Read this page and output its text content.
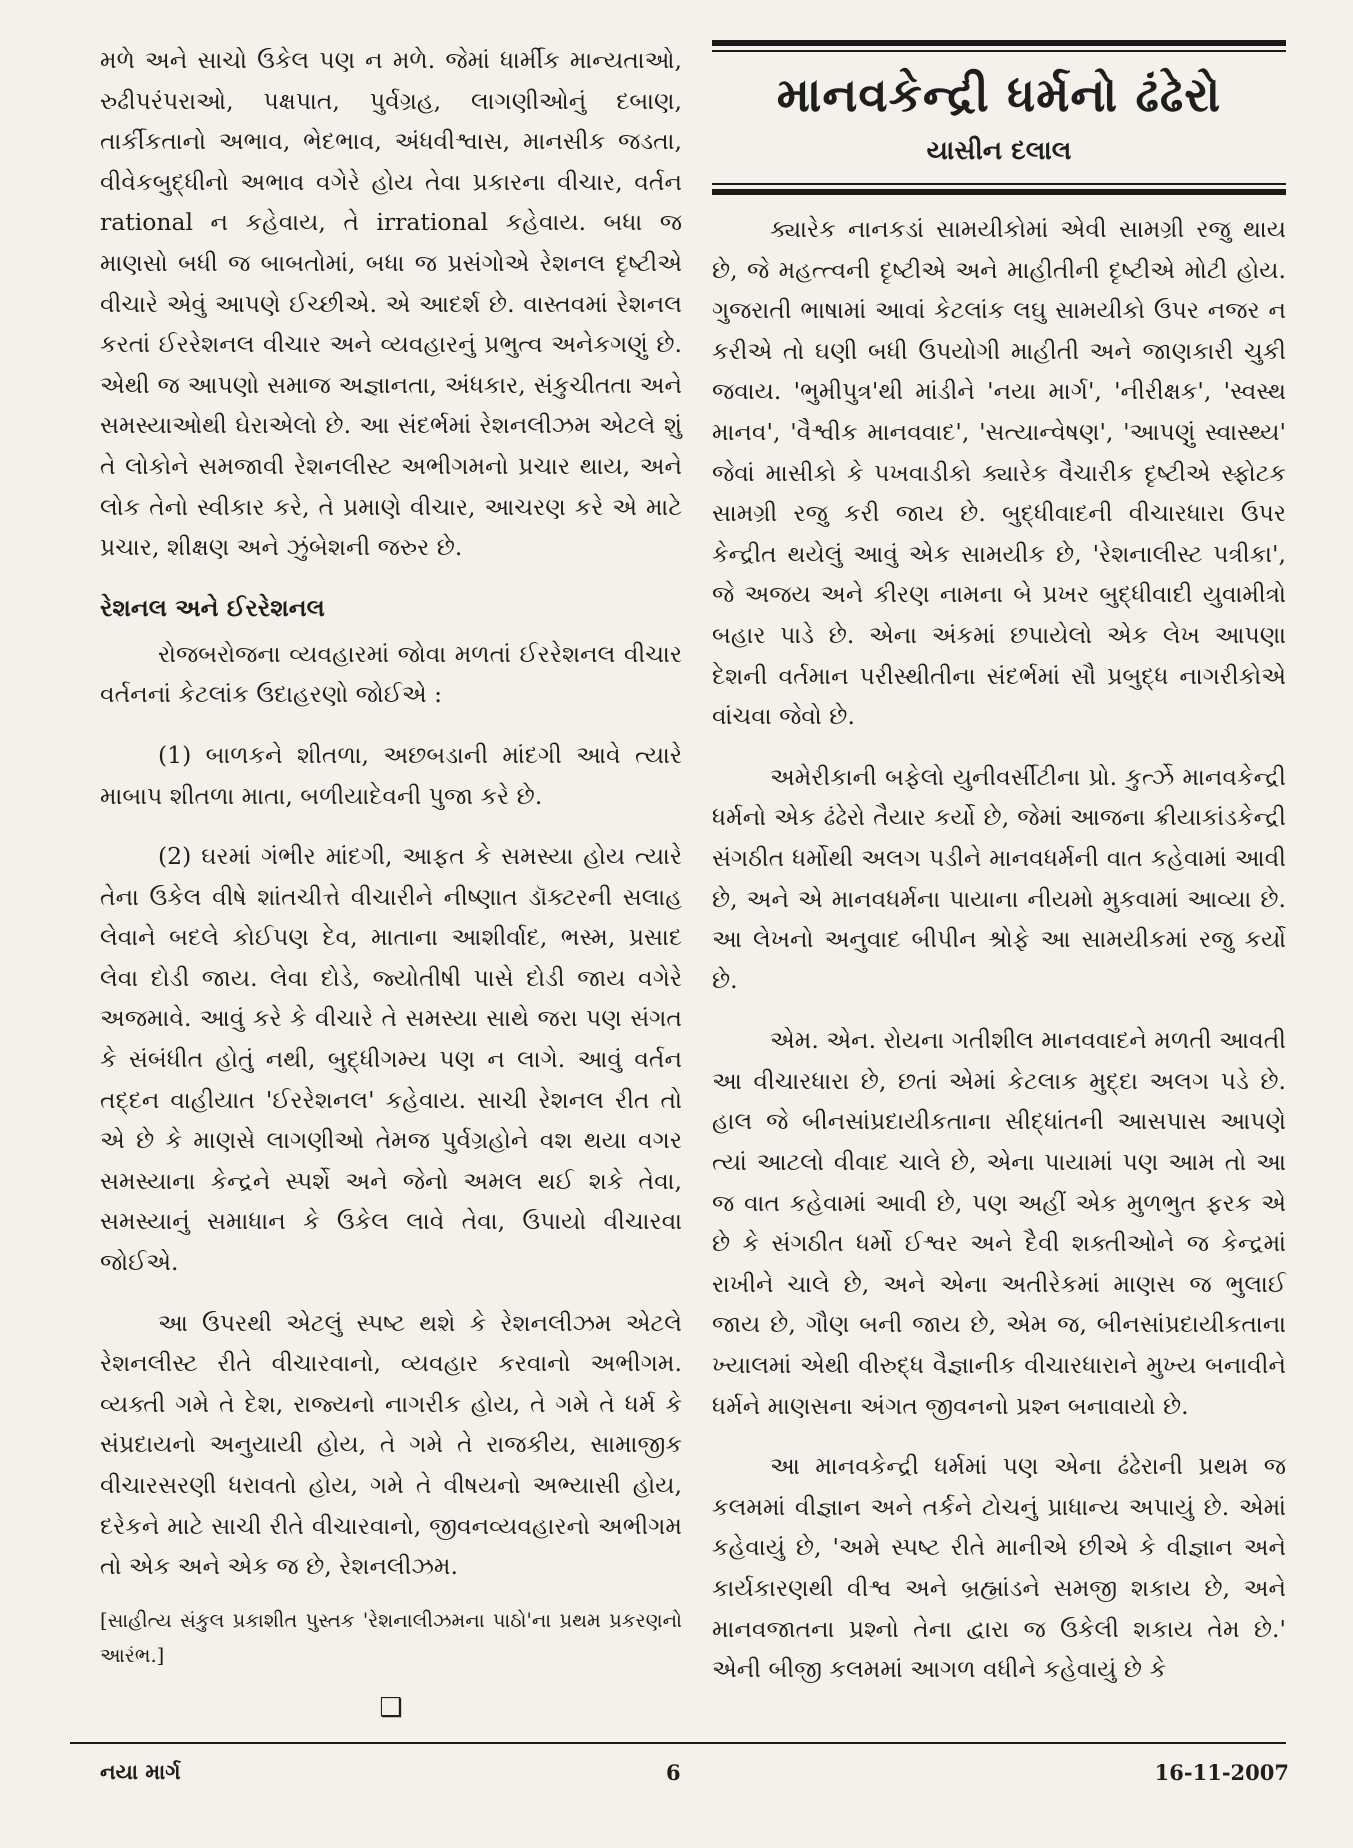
મળે અને સાચો ઉકેલ પણ ન મળે. જેમાં ધાર્મીક માન્યતાઓ, રુઢીપરંપરાઓ, પક્ષપાત, પુર્વગ્રહ, લાગણીઓનું દબાણ, તાર્કીકતાનો અભાવ, ભેદભાવ, અંધવીશ્વાસ, માનસીક જડતા, વીવેકબુદ્ધીનો અભાવ વગેરે હોય તેવા પ્રકારના વીચાર, વર્તન rational ન કહેવાય, તે irrational કહેવાય. બધા જ માણસો બધી જ બાબતોમાં, બધા જ પ્રસંગોએ રેશનલ દૃષ્ટીએ વીચારે એવું આપણે ઈચ્છીએ. એ આદર્શ છે. વાસ્તવમાં રેશનલ કરતાં ઈરરેશનલ વીચાર અને વ્યવહારનું પ્રભુત્વ અનેકગણું છે. એથી જ આપણો સમાજ અજ્ઞાનતા, અંધકાર, સંકુચીતતા અને સમસ્યાઓથી ઘેરાએલો છે. આ સંદર્ભમાં રેશનલીઝમ એટલે શું તે લોકોને સમજાવી રેશનલીસ્ટ અભીગમનો પ્રચાર થાય, અને લોક તેનો સ્વીકાર કરે, તે પ્રમાણે વીચાર, આચરણ કરે એ માટે પ્રચાર, શીક્ષણ અને ઝુંબેશની જરુર છે.

રેશનલ અને ઈરરેશનલ

રોજબરોજના વ્યવહારમાં જોવા મળતાં ઈરરેશનલ વીચાર વર્તનનાં કેટલાંક ઉદાહરણો જોઈએ :

(1) બાળકને શીતળા, અછબડાની માંદગી આવે ત્યારે માબાપ શીતળા માતા, બળીયાદેવની પુજા કરે છે.

(2) ઘરમાં ગંભીર માંદગી, આફત કે સમસ્યા હોય ત્યારે તેના ઉકેલ વીષે શાંતચીત્તે વીચારીને નીષ્ણાત ડૉક્ટરની સલાહ લેવાને બદલે કોઈપણ દેવ, માતાના આશીર્વાદ, ભસ્મ, પ્રસાદ લેવા દોડી જાય. લેવા દોડે, જ્યોતીષી પાસે દોડી જાય વગેરે અજમાવે. આવું કરે કે વીચારે તે સમસ્યા સાથે જરા પણ સંગત કે સંબંધીત હોતું નથી, બુદ્ધીગમ્ય પણ ન લાગે. આવું વર્તન તદ્દન વાહીયાત 'ઈરરેશનલ' કહેવાય. સાચી રેશનલ રીત તો એ છે કે માણસે લાગણીઓ તેમજ પુર્વગ્રહોને વશ થયા વગર સમસ્યાના કેન્દ્રને સ્પર્શે અને જેનો અમલ થઈ શકે તેવા, સમસ્યાનું સમાધાન કે ઉકેલ લાવે તેવા, ઉપાયો વીચારવા જોઈએ.

આ ઉપરથી એટલું સ્પષ્ટ થશે કે રેશનલીઝમ એટલે રેશનલીસ્ટ રીતે વીચારવાનો, વ્યવહાર કરવાનો અભીગમ. વ્યક્તી ગમે તે દેશ, રાજ્યનો નાગરીક હોય, તે ગમે તે ધર્મ કે સંપ્રદાયનો અનુયાયી હોય, તે ગમે તે રાજકીય, સામાજીક વીચારસરણી ધરાવતો હોય, ગમે તે વીષયનો અભ્યાસી હોય, દરેકને માટે સાચી રીતે વીચારવાનો, જીવનવ્યવહારનો અભીગમ તો એક અને એક જ છે, રેશનલીઝમ.

[સાહીત્ય સંકુલ પ્રકાશીત પુસ્તક 'રેશનાલીઝમના પાઠો'ના પ્રથમ પ્રકરણનો આરંભ.]

❑
માનવકેન્દ્રી ધર્મનો ઢંઢેરો
યાસીન દલાલ

ક્યારેક નાનકડાં સામયીકોમાં એવી સામગ્રી રજુ થાય છે, જે મહત્ત્વની દૃષ્ટીએ અને માહીતીની દૃષ્ટીએ મોટી હોય. ગુજરાતી ભાષામાં આવાં કેટલાંક લઘુ સામયીકો ઉપર નજર ન કરીએ તો ઘણી બધી ઉપયોગી માહીતી અને જાણકારી ચુકી જવાય. 'ભુમીપુત્ર'થી માંડીને 'નયા માર્ગ', 'નીરીક્ષક', 'સ્વસ્થ માનવ', 'વૈશ્વીક માનવવાદ', 'સત્યાન્વેષણ', 'આપણું સ્વાસ્થ્ય' જેવાં માસીકો કે પખવાડીકો ક્યારેક વૈચારીક દૃષ્ટીએ સ્ફોટક સામગ્રી રજુ કરી જાય છે. બુદ્ધીવાદની વીચારધારા ઉપર કેન્દ્રીત થયેલું આવું એક સામયીક છે, 'રેશનાલીસ્ટ પત્રીકા', જે અજય અને કીરણ નામના બે પ્રખર બુદ્ધીવાદી યુવામીત્રો બહાર પાડે છે. એના અંકમાં છપાયેલો એક લેખ આપણા દેશની વર્તમાન પરીસ્થીતીના સંદર્ભમાં સૌ પ્રબુદ્ધ નાગરીકોએ વાંચવા જેવો છે.

અમેરીકાની બફેલો યુનીવર્સીટીના પ્રો. કુર્ત્ઝે માનવકેન્દ્રી ધર્મનો એક ઢંઢેરો તૈયાર કર્યો છે, જેમાં આજના ક્રીયાકાંડકેન્દ્રી સંગઠીત ધર્મોથી અલગ પડીને માનવધર્મની વાત કહેવામાં આવી છે, અને એ માનવધર્મના પાયાના નીયમો મુકવામાં આવ્યા છે. આ લેખનો અનુવાદ બીપીન શ્રોફે આ સામયીકમાં રજુ કર્યો છે.

એમ. એન. રોયના ગતીશીલ માનવવાદને મળતી આવતી આ વીચારધારા છે, છતાં એમાં કેટલાક મુદ્દા અલગ પડે છે. હાલ જે બીનસાંપ્રદાયીકતાના સીદ્ધાંતની આસપાસ આપણે ત્યાં આટલો વીવાદ ચાલે છે, એના પાયામાં પણ આમ તો આ જ વાત કહેવામાં આવી છે, પણ અહીં એક મુળભુત ફરક એ છે કે સંગઠીત ધર્મો ઈશ્વર અને દૈવી શક્તીઓને જ કેન્દ્રમાં રાખીને ચાલે છે, અને એના અતીરેકમાં માણસ જ ભુલાઈ જાય છે, ગૌણ બની જાય છે, એમ જ, બીનસાંપ્રદાયીકતાના ખ્યાલમાં એથી વીરુદ્ધ વૈજ્ઞાનીક વીચારધારાને મુખ્ય બનાવીને ધર્મને માણસના અંગત જીવનનો પ્રશ્ન બનાવાયો છે.

આ માનવકેન્દ્રી ધર્મમાં પણ એના ઢંઢેરાની પ્રથમ જ કલમમાં વીજ્ઞાન અને તર્કને ટોચનું પ્રાધાન્ય અપાયું છે. એમાં કહેવાયું છે, 'અમે સ્પષ્ટ રીતે માનીએ છીએ કે વીજ્ઞાન અને કાર્યકારણથી વીશ્વ અને બ્રહ્માંડને સમજી શકાય છે, અને માનવજાતના પ્રશ્નો તેના દ્વારા જ ઉકેલી શકાય તેમ છે.' એની બીજી કલમમાં આગળ વધીને કહેવાયું છે કે

નયા માર્ગ	6	16-11-2007
